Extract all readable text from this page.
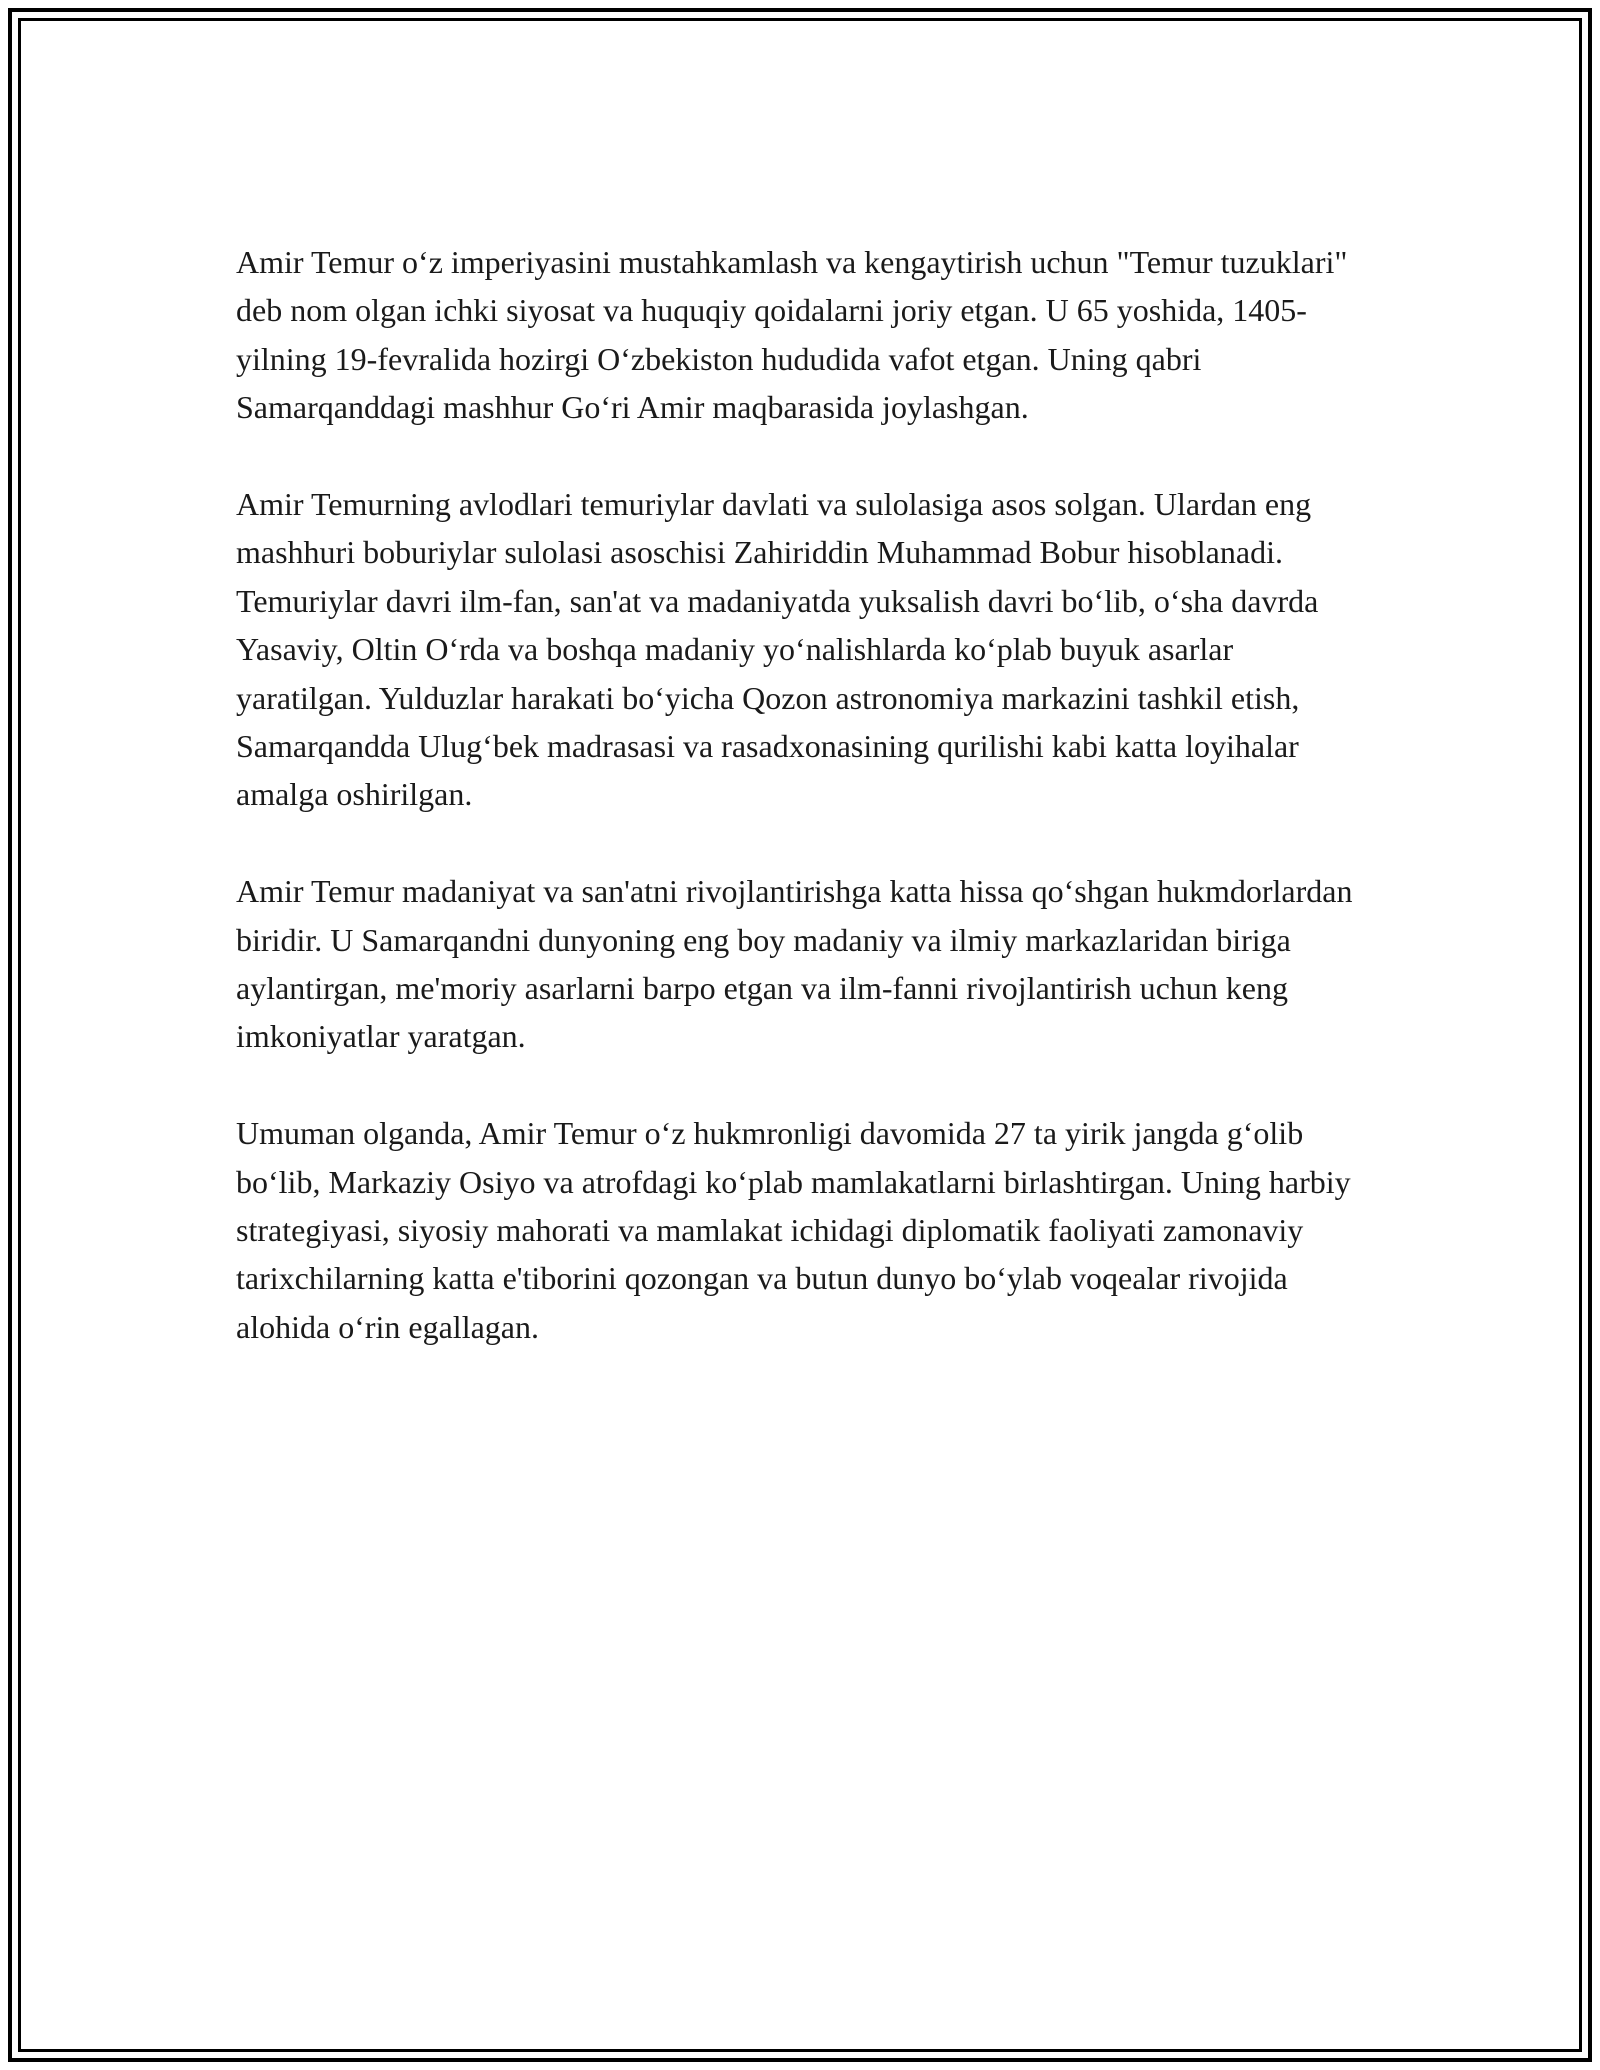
Amir Temur o‘z imperiyasini mustahkamlash va kengaytirish uchun "Temur tuzuklari" deb nom olgan ichki siyosat va huquqiy qoidalarni joriy etgan. U 65 yoshida, 1405-yilning 19-fevralida hozirgi O‘zbekiston hududida vafot etgan. Uning qabri Samarqanddagi mashhur Go‘ri Amir maqbarasida joylashgan.

Amir Temurning avlodlari temuriylar davlati va sulolasiga asos solgan. Ulardan eng mashhuri boburiylar sulolasi asoschisi Zahiriddin Muhammad Bobur hisoblanadi. Temuriylar davri ilm-fan, san'at va madaniyatda yuksalish davri bo‘lib, o‘sha davrda Yasaviy, Oltin O‘rda va boshqa madaniy yo‘nalishlarda ko‘plab buyuk asarlar yaratilgan. Yulduzlar harakati bo‘yicha Qozon astronomiya markazini tashkil etish, Samarqandda Ulug‘bek madrasasi va rasadxonasining qurilishi kabi katta loyihalar amalga oshirilgan.

Amir Temur madaniyat va san'atni rivojlantirishga katta hissa qo‘shgan hukmdorlardan biridir. U Samarqandni dunyoning eng boy madaniy va ilmiy markazlaridan biriga aylantirgan, me'moriy asarlarni barpo etgan va ilm-fanni rivojlantirish uchun keng imkoniyatlar yaratgan.

Umuman olganda, Amir Temur o‘z hukmronligi davomida 27 ta yirik jangda g‘olib bo‘lib, Markaziy Osiyo va atrofdagi ko‘plab mamlakatlarni birlashtirgan. Uning harbiy strategiyasi, siyosiy mahorati va mamlakat ichidagi diplomatik faoliyati zamonaviy tarixchilarning katta e'tiborini qozongan va butun dunyo bo‘ylab voqealar rivojida alohida o‘rin egallagan.
